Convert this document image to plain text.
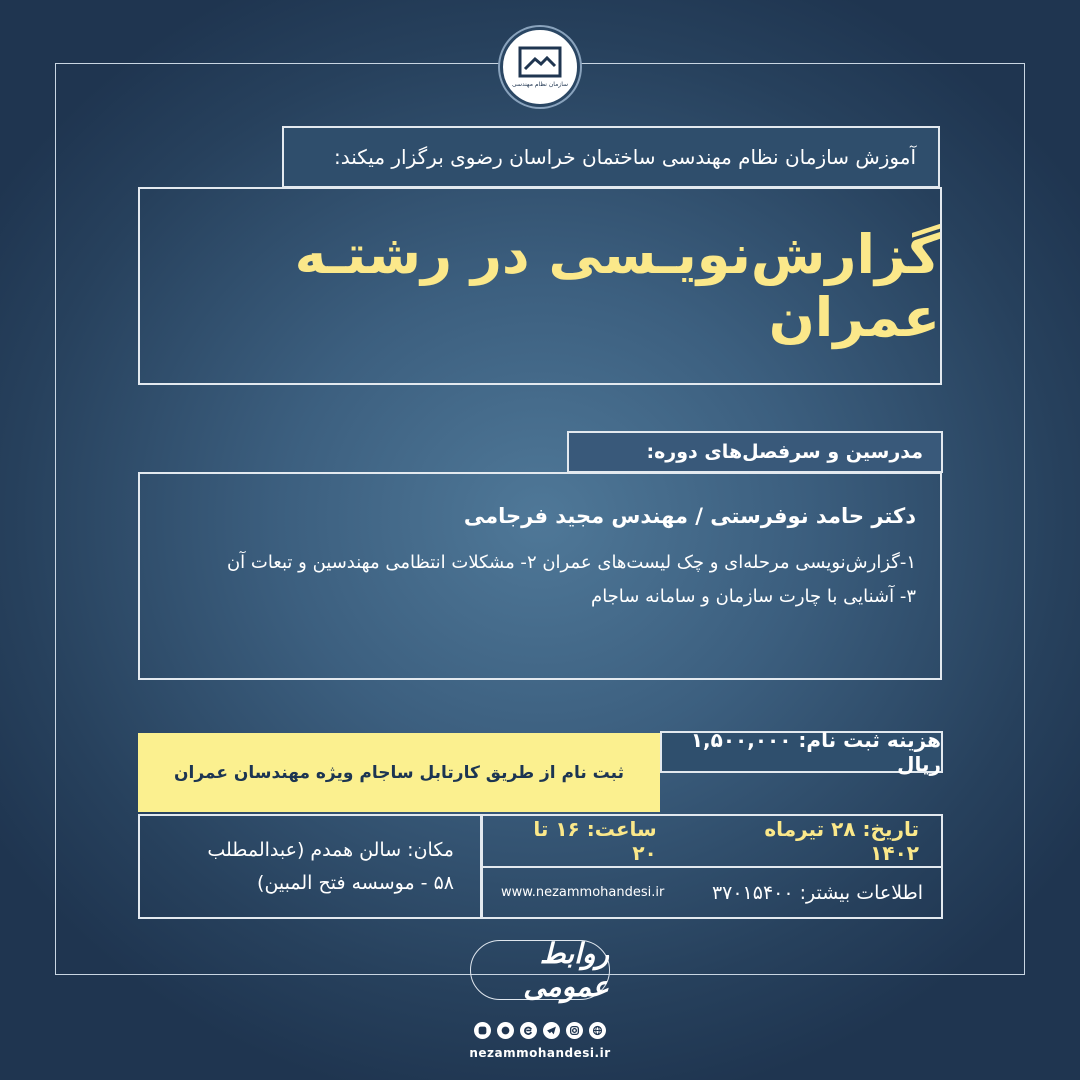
سازمان نظام مهندسی
آموزش سازمان نظام مهندسی ساختمان خراسان رضوی برگزار میکند:
گزارش‌نویـسی در رشتـه عمران
مدرسین و سرفصل‌های دوره:
دکتر حامد نوفرستی / مهندس مجید فرجامی
۱-گزارش‌نویسی مرحله‌ای و چک لیست‌های عمران ۲- مشکلات انتظامی مهندسین و تبعات آن
۳- آشنایی با چارت سازمان و سامانه ساجام
هزینه ثبت نام: ۱,۵۰۰,۰۰۰ ریال
ثبت نام از طریق کارتابل ساجام ویژه مهندسان عمران
مکان: سالن همدم (عبدالمطلب
۵۸ - موسسه فتح المبین)
تاریخ: ۲۸ تیرماه ۱۴۰۲
ساعت: ۱۶ تا ۲۰
اطلاعات بیشتر: ۳۷۰۱۵۴۰۰
www.nezammohandesi.ir
روابط عمومی
nezammohandesi.ir
